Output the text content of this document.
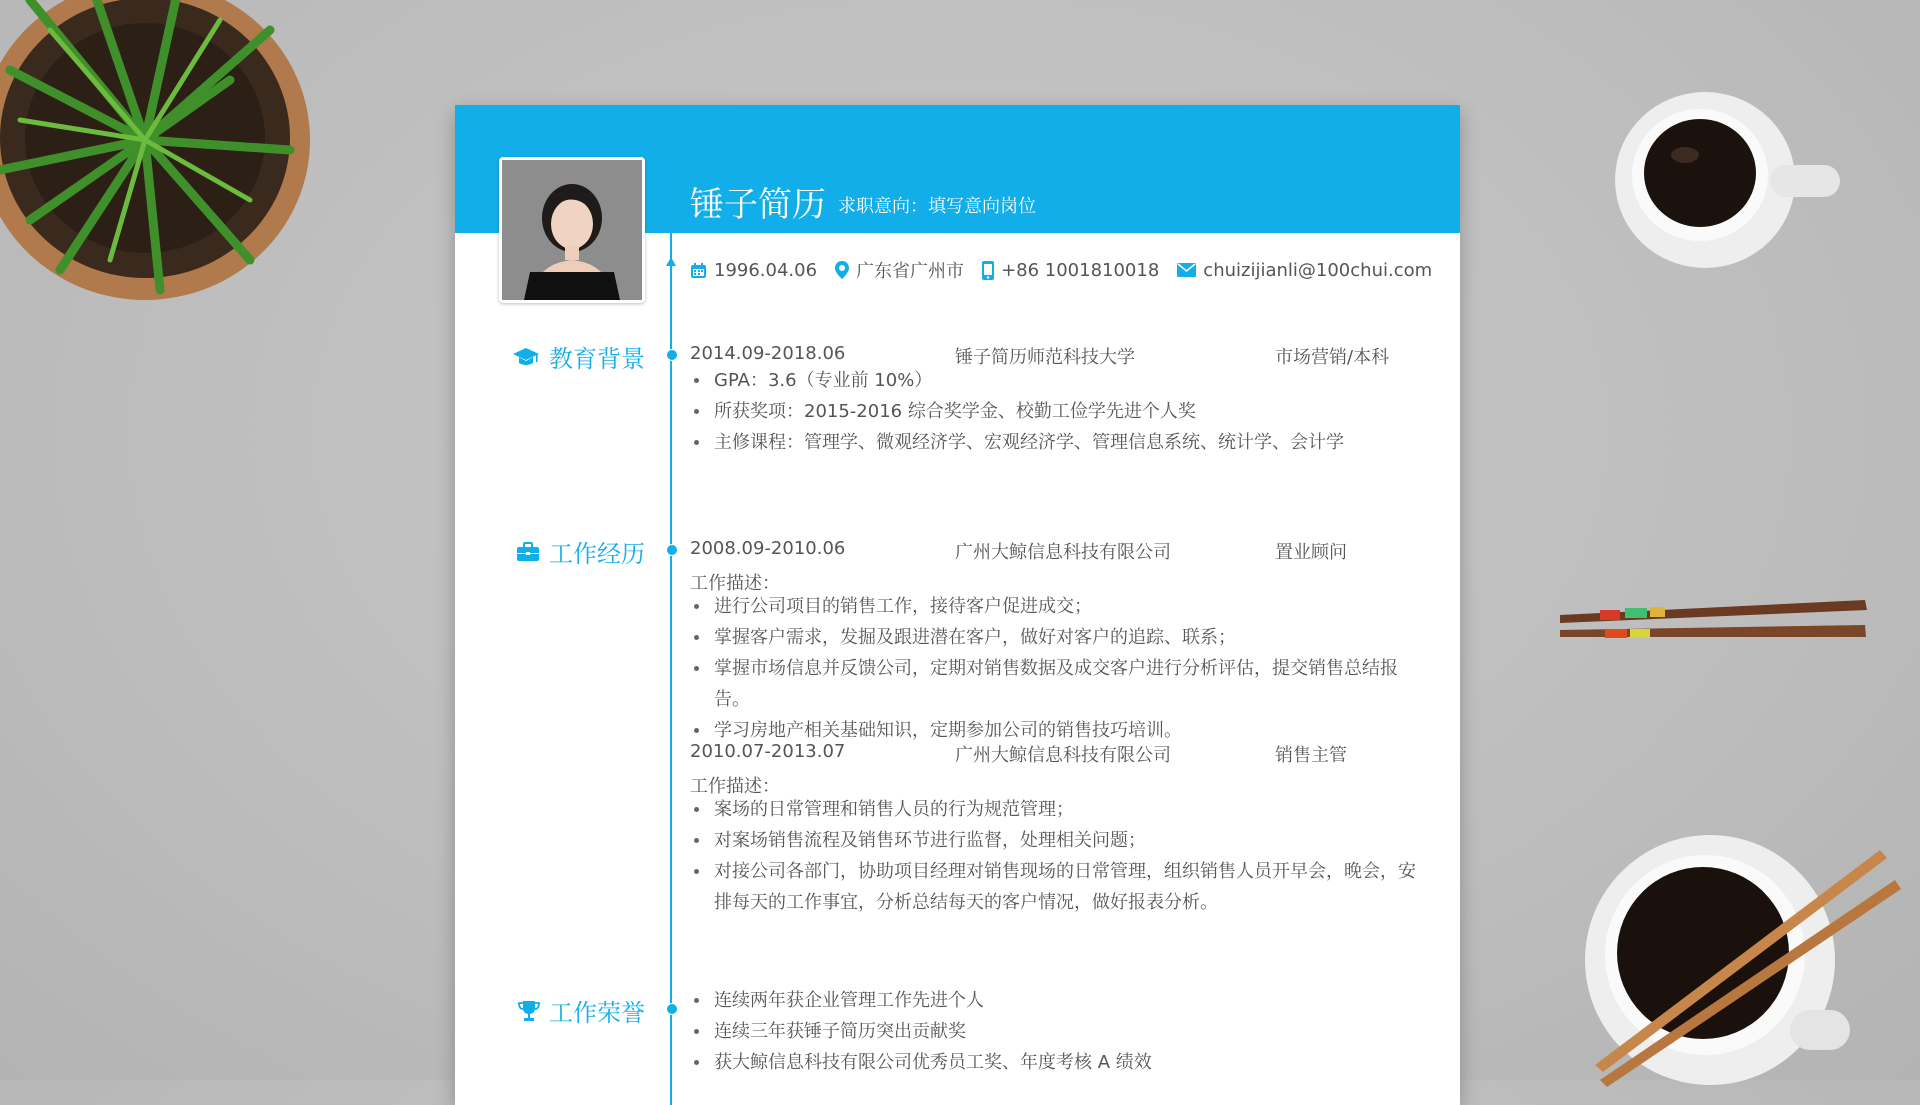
锤子简历 求职意向：填写意向岗位
1996.04.06 广东省广州市 +86 1001810018 chuizijianli@100chui.com
教育背景	2014.09-2018.06	锤子简历师范科技大学	市场营销/本科
GPA：3.6（专业前 10%）
所获奖项：2015-2016 综合奖学金、校勤工俭学先进个人奖
主修课程：管理学、微观经济学、宏观经济学、管理信息系统、统计学、会计学
工作经历	2008.09-2010.06	广州大鲸信息科技有限公司	置业顾问
工作描述：
进行公司项目的销售工作，接待客户促进成交；
掌握客户需求，发掘及跟进潜在客户，做好对客户的追踪、联系；
掌握市场信息并反馈公司，定期对销售数据及成交客户进行分析评估，提交销售总结报告。
学习房地产相关基础知识，定期参加公司的销售技巧培训。
2010.07-2013.07	广州大鲸信息科技有限公司	销售主管
工作描述：
案场的日常管理和销售人员的行为规范管理；
对案场销售流程及销售环节进行监督，处理相关问题；
对接公司各部门，协助项目经理对销售现场的日常管理，组织销售人员开早会，晚会，安排每天的工作事宜，分析总结每天的客户情况，做好报表分析。
工作荣誉	连续两年获企业管理工作先进个人
连续三年获锤子简历突出贡献奖
获大鲸信息科技有限公司优秀员工奖、年度考核 A 绩效
